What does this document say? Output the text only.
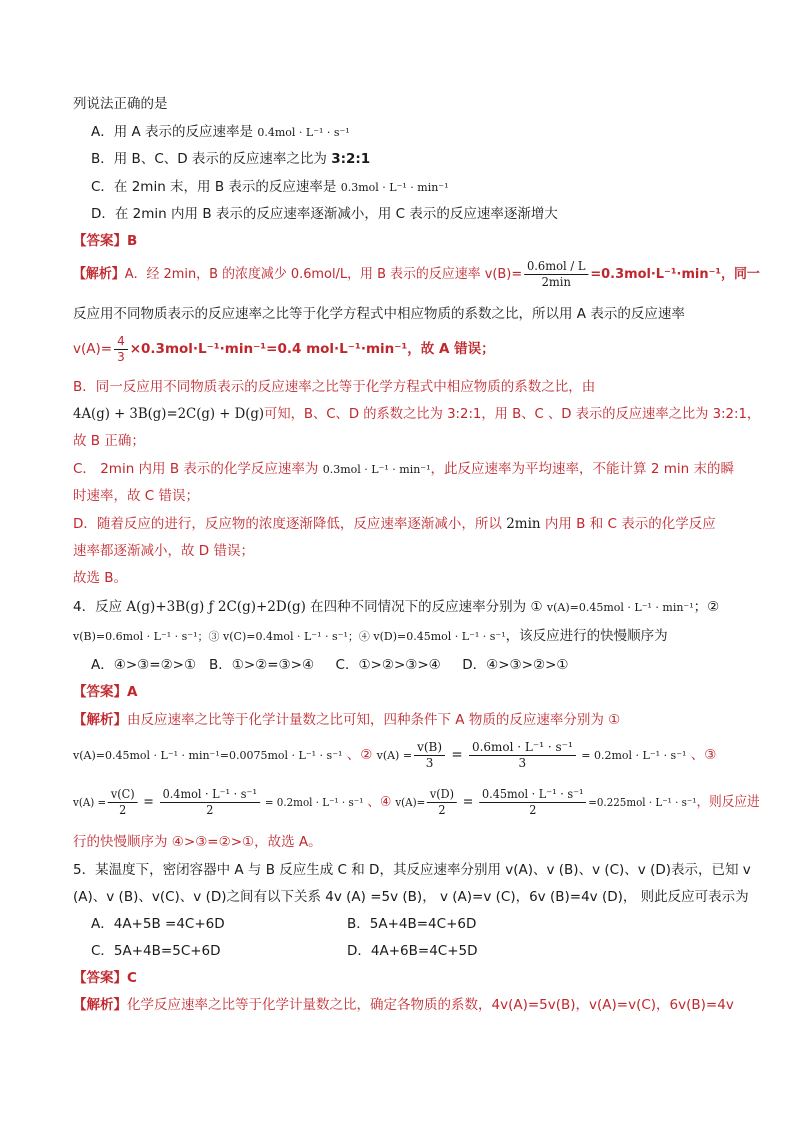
列说法正确的是
A．用 A 表示的反应速率是 0.4mol · L⁻¹ · s⁻¹
B．用 B、C、D 表示的反应速率之比为 3:2:1
C．在 2min 末，用 B 表示的反应速率是 0.3mol · L⁻¹ · min⁻¹
D．在 2min 内用 B 表示的反应速率逐渐减小，用 C 表示的反应速率逐渐增大
【答案】B
【解析】A．经 2min，B 的浓度减少 0.6mol/L，用 B 表示的反应速率 $v(B)= \frac{\text{0.6mol / L}}{2\min} =0.3mol\cdot L^{-1}\cdot\min^{-1}$，同一
反应用不同物质表示的反应速率之比等于化学方程式中相应物质的系数之比，所以用 A 表示的反应速率
$v(A)= \frac{4}{3} \times 0.3mol\cdot L^{-1}\cdot\min^{-1}=0.4$ mol·L⁻¹·min⁻¹，故 A 错误；
B．同一反应用不同物质表示的反应速率之比等于化学方程式中相应物质的系数之比，由
4A(g) + 3B(g)=2C(g) + D(g)可知，B、C、D 的系数之比为 3:2:1，用 B、C 、D 表示的反应速率之比为 3:2:1，
故 B 正确；
C． 2min 内用 B 表示的化学反应速率为 0.3mol · L⁻¹ · min⁻¹，此反应速率为平均速率，不能计算 2 min 末的瞬
时速率，故 C 错误；
D．随着反应的进行，反应物的浓度逐渐降低，反应速率逐渐减小，所以 2min 内用 B 和 C 表示的化学反应
速率都逐渐减小，故 D 错误；
故选 B。
4．反应 A(g)+3B(g) ƒ 2C(g)+2D(g) 在四种不同情况下的反应速率分别为 ① v(A)=0.45mol · L⁻¹ · min⁻¹；②
v(B)=0.6mol · L⁻¹ · s⁻¹；③ v(C)=0.4mol · L⁻¹ · s⁻¹；④ v(D)=0.45mol · L⁻¹ · s⁻¹，该反应进行的快慢顺序为
A．④>③=②>①   B．①>②=③>④     C．①>②>③>④     D．④>③>②>①
【答案】A
【解析】由反应速率之比等于化学计量数之比可知，四种条件下 A 物质的反应速率分别为 ①
v(A)=0.45mol · L⁻¹ · min⁻¹=0.0075mol · L⁻¹ · s⁻¹ 、② $v(A) = \frac{v(B)}{3} = \frac{\text{0.6mol · L⁻¹ · s⁻¹}}{3} = 0.2mol \cdot L^{-1} \cdot s^{-1}$ 、③
$v(A) = \frac{v(C)}{2} = \frac{\text{0.4mol · L⁻¹ · s⁻¹}}{2} = 0.2mol \cdot L^{-1} \cdot s^{-1}$ 、④ $v(A)= \frac{v(D)}{2} = \frac{\text{0.45mol · L⁻¹ · s⁻¹}}{2} =0.225mol \cdot L^{-1} \cdot s^{-1}$，则反应进
行的快慢顺序为 ④>③=②>①，故选 A。
5．某温度下，密闭容器中 A 与 B 反应生成 C 和 D，其反应速率分别用 v(A)、v (B)、v (C)、v (D)表示，已知 v
(A)、v (B)、v(C)、v (D)之间有以下关系 4v (A) =5v (B)， v (A)=v (C)，6v (B)=4v (D)， 则此反应可表示为
A．4A+5B =4C+6D	B．5A+4B=4C+6D
C．5A+4B=5C+6D	D．4A+6B=4C+5D
【答案】C
【解析】化学反应速率之比等于化学计量数之比，确定各物质的系数，4v(A)=5v(B)，v(A)=v(C)，6v(B)=4v
